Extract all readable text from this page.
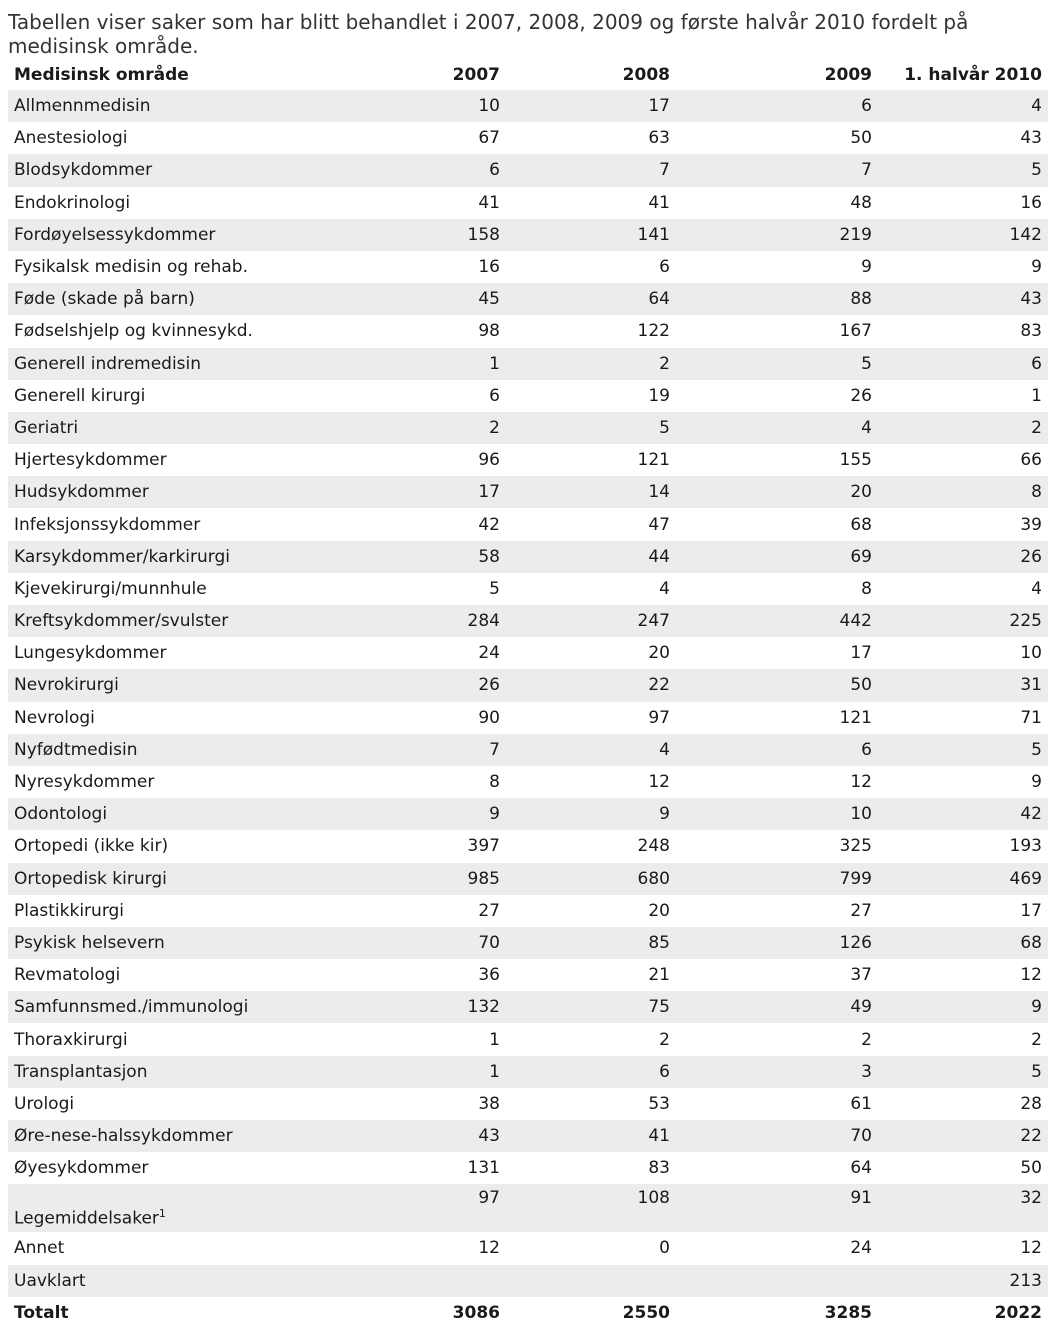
Tabellen viser saker som har blitt behandlet i 2007, 2008, 2009 og første halvår 2010 fordelt på medisinsk område.
Medisinsk område	2007	2008	2009	1. halvår 2010
Allmennmedisin	10	17	6	4
Anestesiologi	67	63	50	43
Blodsykdommer	6	7	7	5
Endokrinologi	41	41	48	16
Fordøyelsessykdommer	158	141	219	142
Fysikalsk medisin og rehab.	16	6	9	9
Føde (skade på barn)	45	64	88	43
Fødselshjelp og kvinnesykd.	98	122	167	83
Generell indremedisin	1	2	5	6
Generell kirurgi	6	19	26	1
Geriatri	2	5	4	2
Hjertesykdommer	96	121	155	66
Hudsykdommer	17	14	20	8
Infeksjonssykdommer	42	47	68	39
Karsykdommer/karkirurgi	58	44	69	26
Kjevekirurgi/munnhule	5	4	8	4
Kreftsykdommer/svulster	284	247	442	225
Lungesykdommer	24	20	17	10
Nevrokirurgi	26	22	50	31
Nevrologi	90	97	121	71
Nyfødtmedisin	7	4	6	5
Nyresykdommer	8	12	12	9
Odontologi	9	9	10	42
Ortopedi (ikke kir)	397	248	325	193
Ortopedisk kirurgi	985	680	799	469
Plastikkirurgi	27	20	27	17
Psykisk helsevern	70	85	126	68
Revmatologi	36	21	37	12
Samfunnsmed./immunologi	132	75	49	9
Thoraxkirurgi	1	2	2	2
Transplantasjon	1	6	3	5
Urologi	38	53	61	28
Øre-nese-halssykdommer	43	41	70	22
Øyesykdommer	131	83	64	50
Legemiddelsaker$^1$	97	108	91	32
Annet	12	0	24	12
Uavklart				213
Totalt	3086	2550	3285	2022
